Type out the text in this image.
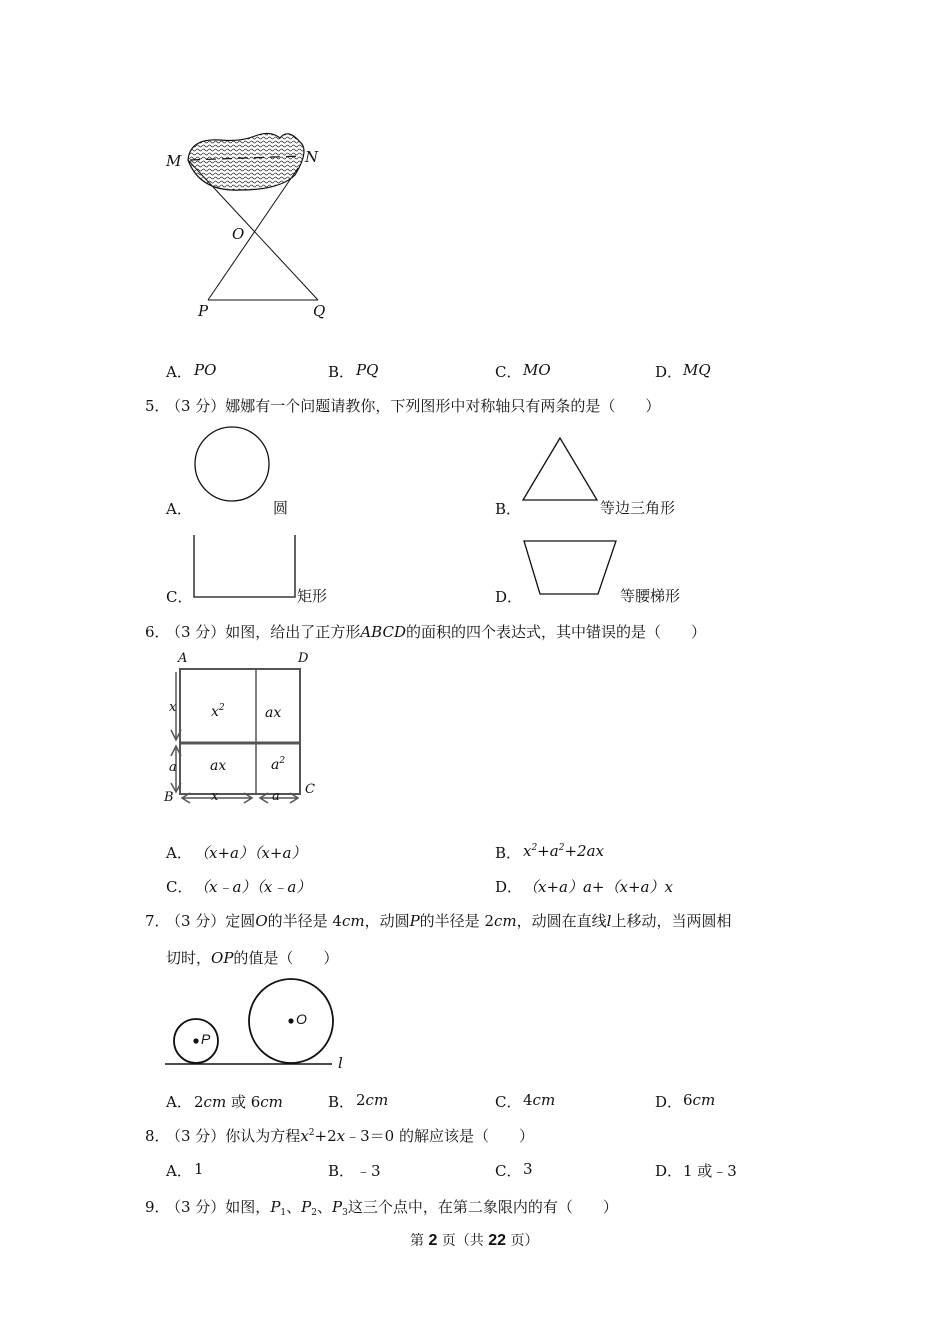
M	N
O
P	Q
A． PO	B． PQ	C． MO	D． MQ
5．
（3 分）娜娜有一个问题请教你，下列图形中对称轴只有两条的是（　　）
A．	圆	B．	等边三角形
C．	矩形	D．	等腰梯形
6．
（3 分）如图，给出了正方形ABCD的面积的四个表达式，其中错误的是（　　）
A	D
B
C
x
a
x	a
$x^2$	ax
ax	$a^2$
A． （x+a）（x+a）	B． $x^2+a^2+2ax$
C． （x﹣a）（x﹣a）	D． （x+a）a+（x+a）x
7．
（3 分）定圆O的半径是 4cm，动圆P的半径是 2cm，动圆在直线l上移动，当两圆相
切时，OP的值是（　　）
P
O
l
A． 2cm 或 6cm	B． 2cm	C． 4cm	D． 6cm
8．
（3 分）你认为方程$x^2+2x﹣3=0$ 的解应该是（　　）
A． 1	B． ﹣3	C． 3	D． 1 或﹣3
9．
（3 分）如图，$P_1$、$P_2$、$P_3$这三个点中，在第二象限内的有（　　）
第 2 页（共 22 页）
